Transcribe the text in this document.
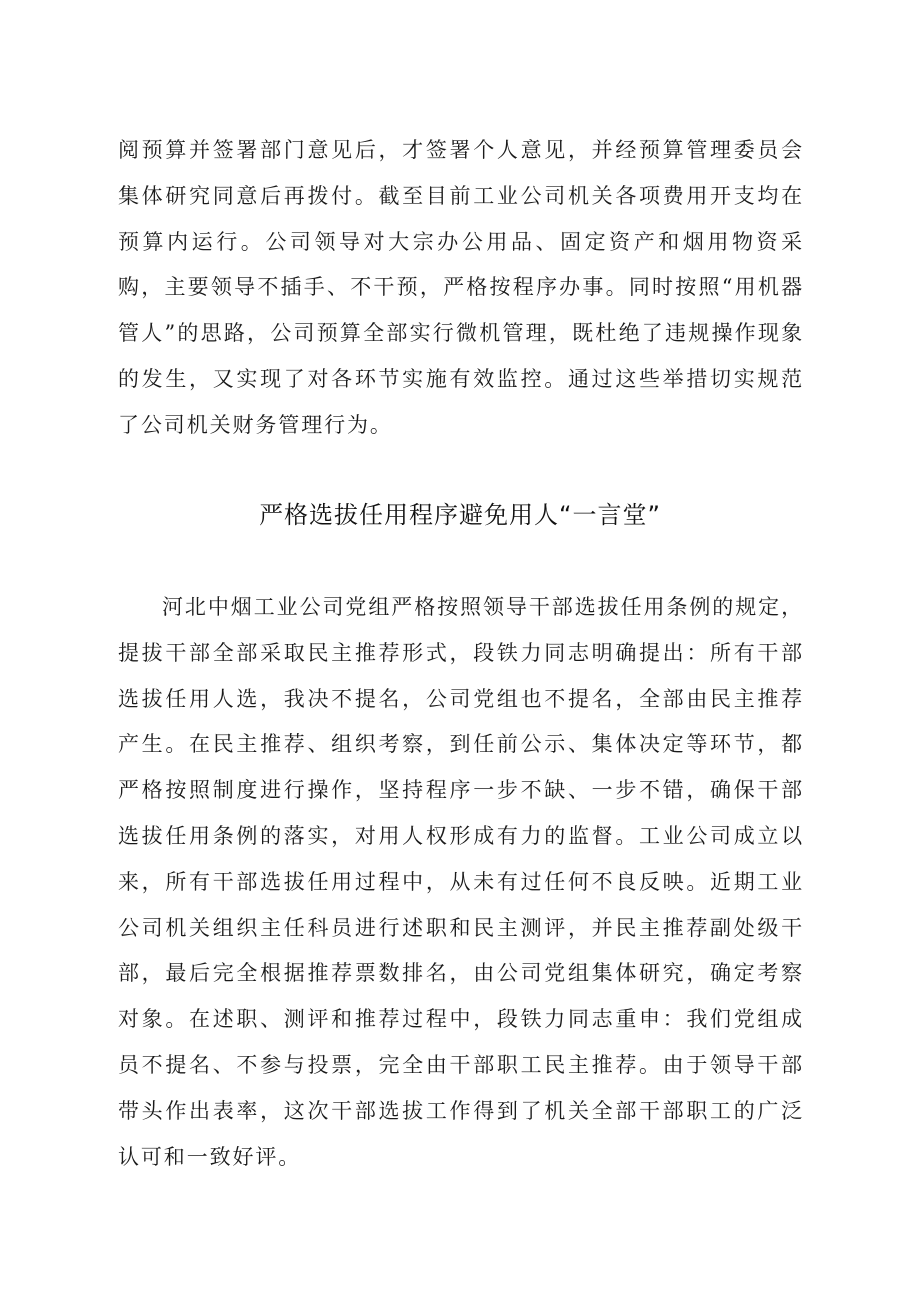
阅预算并签署部门意见后，才签署个人意见，并经预算管理委员会集体研究同意后再拨付。截至目前工业公司机关各项费用开支均在预算内运行。公司领导对大宗办公用品、固定资产和烟用物资采购，主要领导不插手、不干预，严格按程序办事。同时按照“用机器管人”的思路，公司预算全部实行微机管理，既杜绝了违规操作现象的发生，又实现了对各环节实施有效监控。通过这些举措切实规范了公司机关财务管理行为。

严格选拔任用程序避免用人“一言堂”

河北中烟工业公司党组严格按照领导干部选拔任用条例的规定，提拔干部全部采取民主推荐形式，段铁力同志明确提出：所有干部选拔任用人选，我决不提名，公司党组也不提名，全部由民主推荐产生。在民主推荐、组织考察，到任前公示、集体决定等环节，都严格按照制度进行操作，坚持程序一步不缺、一步不错，确保干部选拔任用条例的落实，对用人权形成有力的监督。工业公司成立以来，所有干部选拔任用过程中，从未有过任何不良反映。近期工业公司机关组织主任科员进行述职和民主测评，并民主推荐副处级干部，最后完全根据推荐票数排名，由公司党组集体研究，确定考察对象。在述职、测评和推荐过程中，段铁力同志重申：我们党组成员不提名、不参与投票，完全由干部职工民主推荐。由于领导干部带头作出表率，这次干部选拔工作得到了机关全部干部职工的广泛认可和一致好评。
